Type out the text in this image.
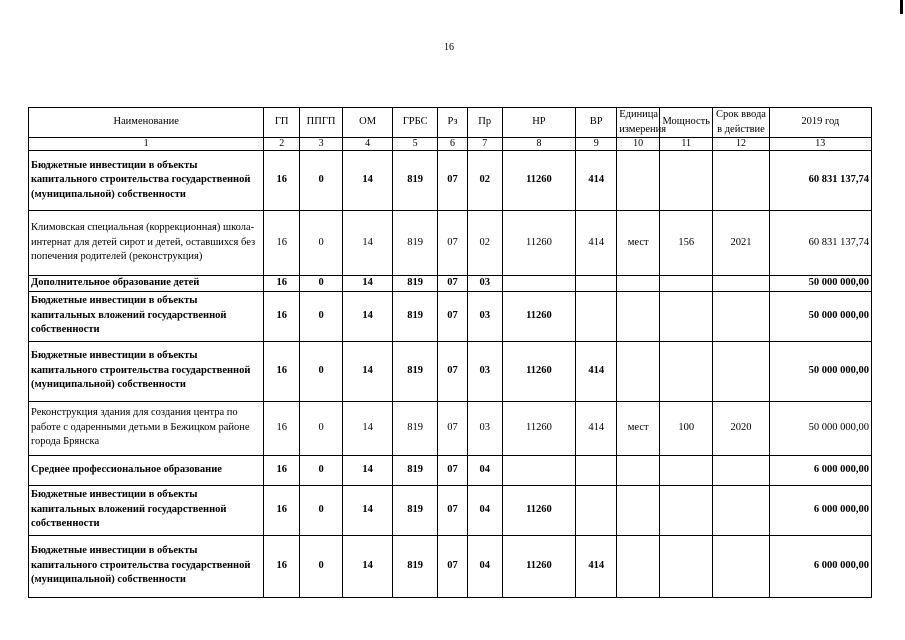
16
Наименование	ГП	ППГП	ОМ	ГРБС	Рз	Пр	НР	ВР	Единица измерения	Мощность	Срок ввода в действие	2019 год
1	2	3	4	5	6	7	8	9	10	11	12	13
Бюджетные инвестиции в объекты капитального строительства государственной (муниципальной) собственности	16	0	14	819	07	02	11260	414				60 831 137,74
Климовская специальная (коррекционная) школа-интернат для детей сирот и детей, оставшихся без попечения родителей (реконструкция)	16	0	14	819	07	02	11260	414	мест	156	2021	60 831 137,74
Дополнительное образование детей	16	0	14	819	07	03						50 000 000,00
Бюджетные инвестиции в объекты капитальных вложений государственной собственности	16	0	14	819	07	03	11260					50 000 000,00
Бюджетные инвестиции в объекты капитального строительства государственной (муниципальной) собственности	16	0	14	819	07	03	11260	414				50 000 000,00
Реконструкция здания для создания центра по работе с одаренными детьми в Бежицком районе города Брянска	16	0	14	819	07	03	11260	414	мест	100	2020	50 000 000,00
Среднее профессиональное образование	16	0	14	819	07	04						6 000 000,00
Бюджетные инвестиции в объекты капитальных вложений государственной собственности	16	0	14	819	07	04	11260					6 000 000,00
Бюджетные инвестиции в объекты капитального строительства государственной (муниципальной) собственности	16	0	14	819	07	04	11260	414				6 000 000,00
